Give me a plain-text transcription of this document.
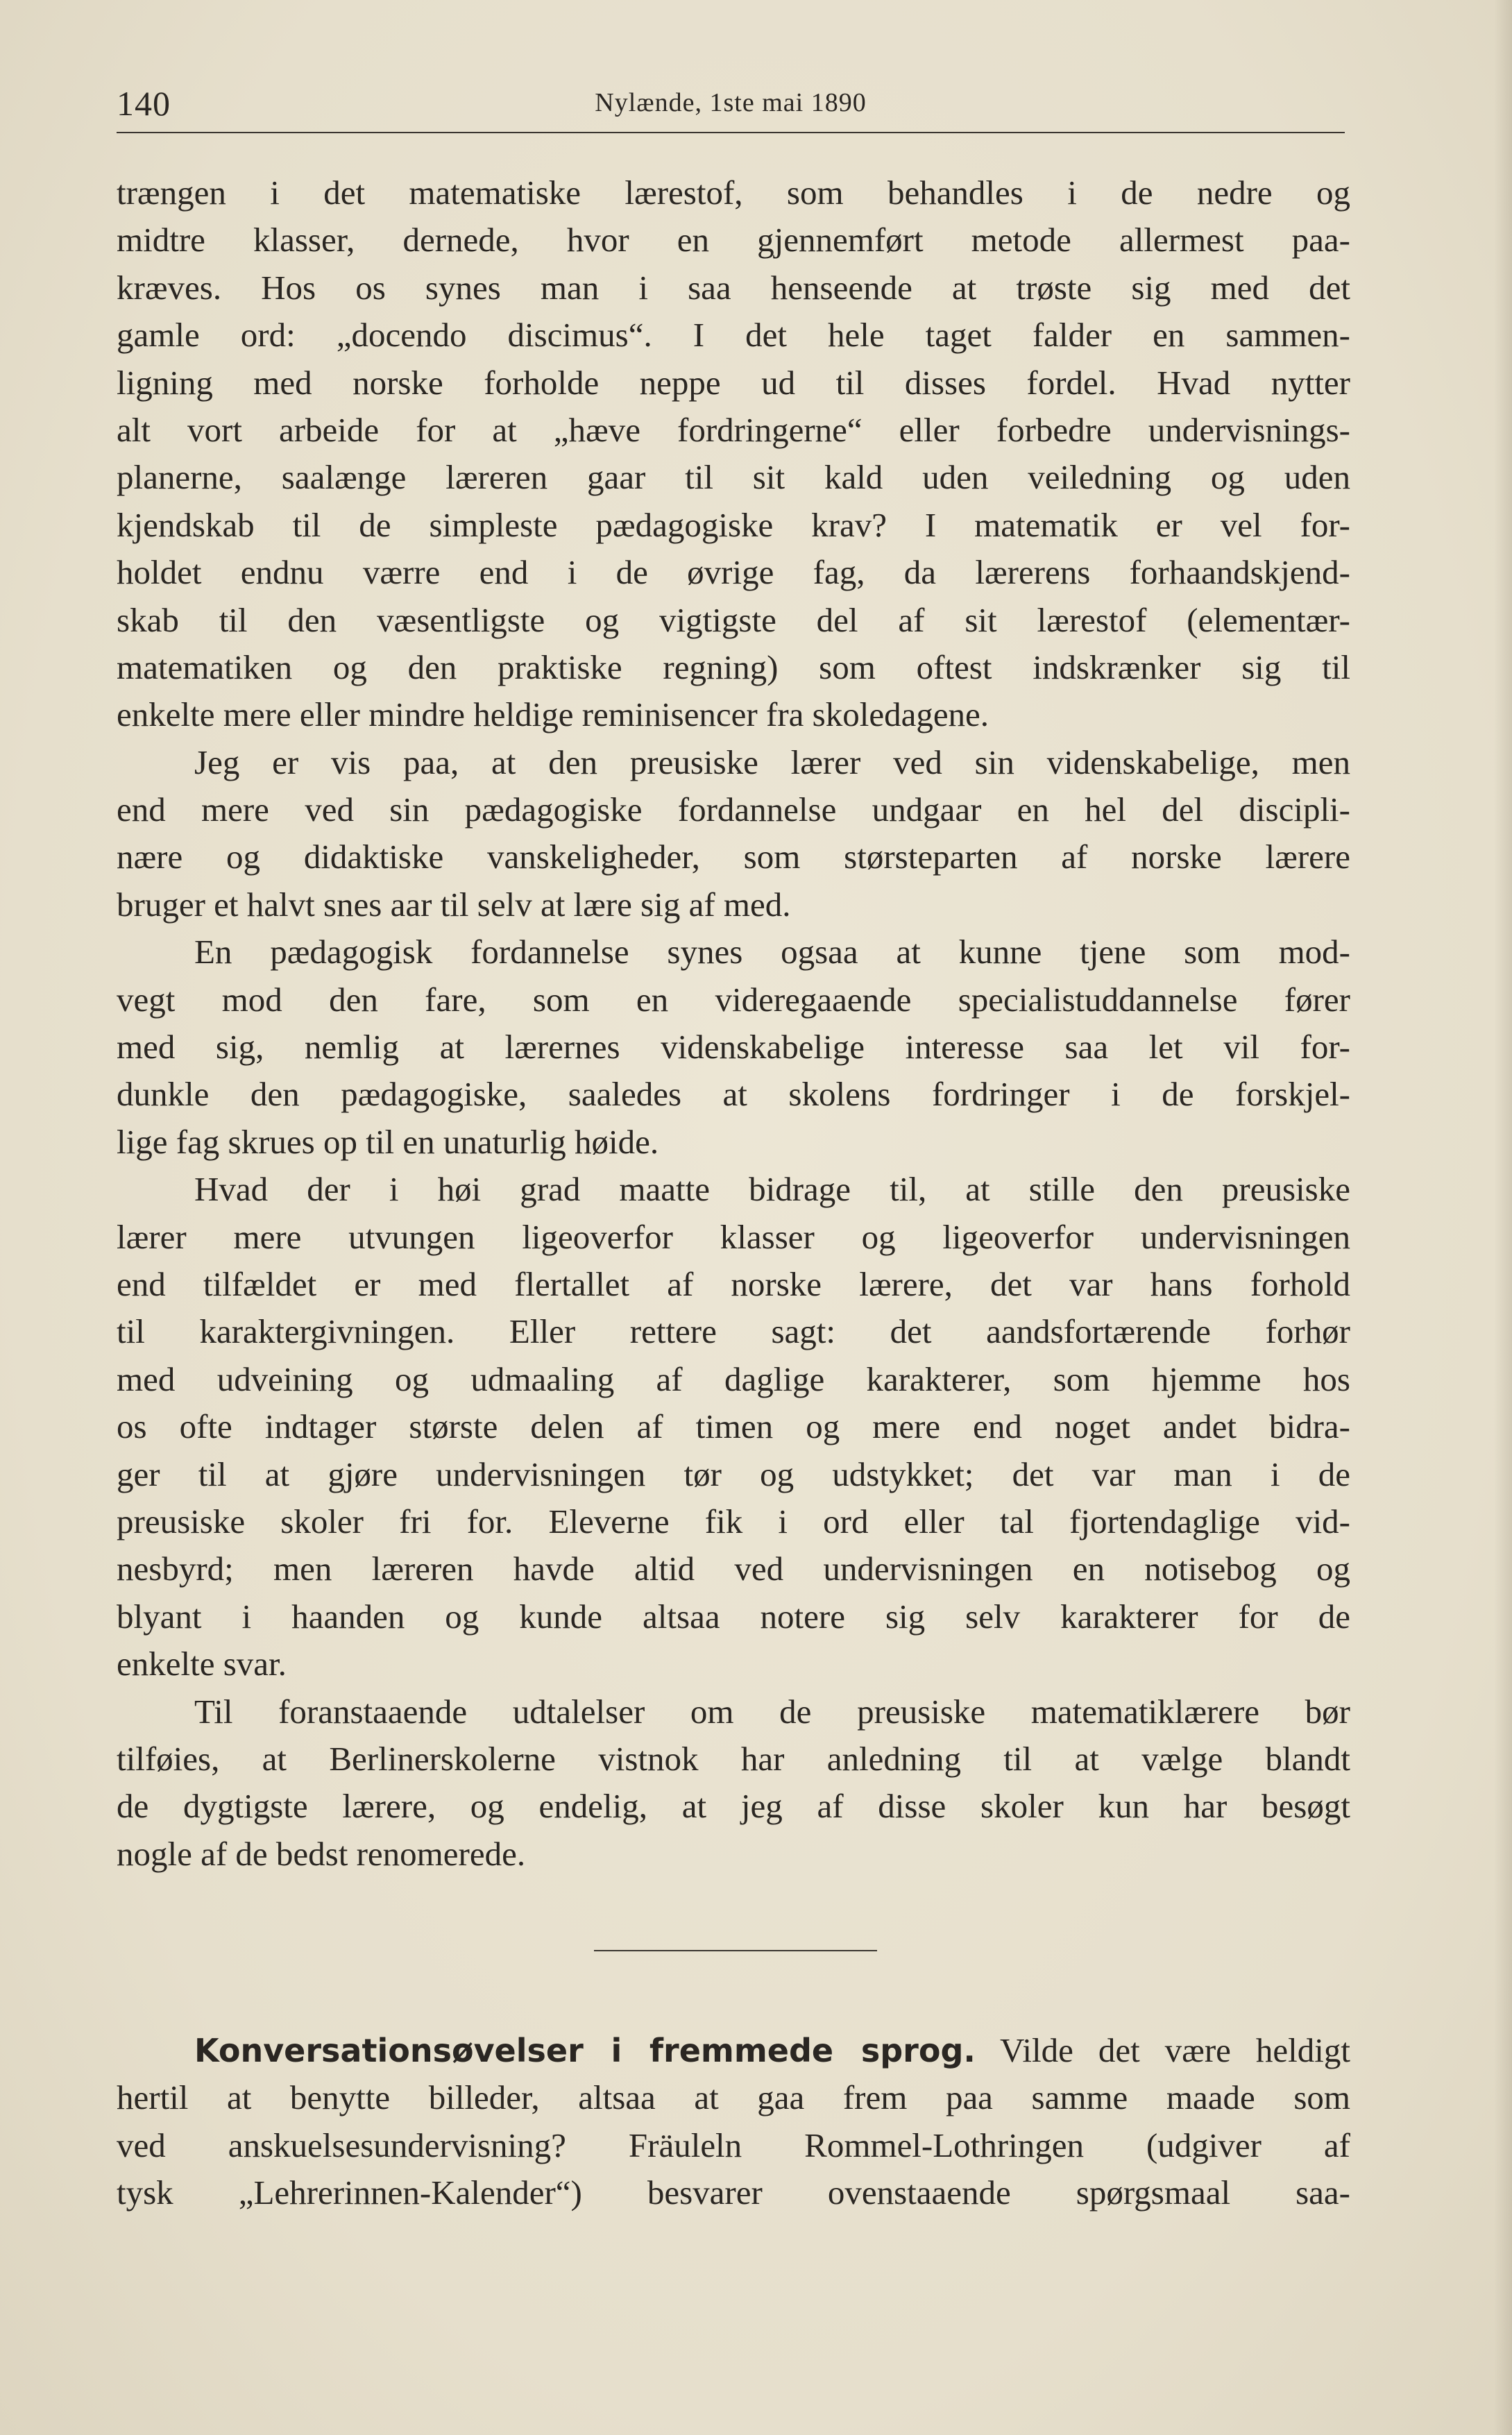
140	Nylænde, 1ste mai 1890
trængen i det matematiske lærestof, som behandles i de nedre og
midtre klasser, dernede, hvor en gjennemført metode allermest paa-
kræves. Hos os synes man i saa henseende at trøste sig med det
gamle ord: „docendo discimus“. I det hele taget falder en sammen-
ligning med norske forholde neppe ud til disses fordel. Hvad nytter
alt vort arbeide for at „hæve fordringerne“ eller forbedre undervisnings-
planerne, saalænge læreren gaar til sit kald uden veiledning og uden
kjendskab til de simpleste pædagogiske krav? I matematik er vel for-
holdet endnu værre end i de øvrige fag, da lærerens forhaandskjend-
skab til den væsentligste og vigtigste del af sit lærestof (elementær-
matematiken og den praktiske regning) som oftest indskrænker sig til
enkelte mere eller mindre heldige reminisencer fra skoledagene.
Jeg er vis paa, at den preusiske lærer ved sin videnskabelige, men
end mere ved sin pædagogiske fordannelse undgaar en hel del discipli-
nære og didaktiske vanskeligheder, som størsteparten af norske lærere
bruger et halvt snes aar til selv at lære sig af med.
En pædagogisk fordannelse synes ogsaa at kunne tjene som mod-
vegt mod den fare, som en videregaaende specialistuddannelse fører
med sig, nemlig at lærernes videnskabelige interesse saa let vil for-
dunkle den pædagogiske, saaledes at skolens fordringer i de forskjel-
lige fag skrues op til en unaturlig høide.
Hvad der i høi grad maatte bidrage til, at stille den preusiske
lærer mere utvungen ligeoverfor klasser og ligeoverfor undervisningen
end tilfældet er med flertallet af norske lærere, det var hans forhold
til karaktergivningen. Eller rettere sagt: det aandsfortærende forhør
med udveining og udmaaling af daglige karakterer, som hjemme hos
os ofte indtager største delen af timen og mere end noget andet bidra-
ger til at gjøre undervisningen tør og udstykket; det var man i de
preusiske skoler fri for. Eleverne fik i ord eller tal fjortendaglige vid-
nesbyrd; men læreren havde altid ved undervisningen en notisebog og
blyant i haanden og kunde altsaa notere sig selv karakterer for de
enkelte svar.
Til foranstaaende udtalelser om de preusiske matematiklærere bør
tilføies, at Berlinerskolerne vistnok har anledning til at vælge blandt
de dygtigste lærere, og endelig, at jeg af disse skoler kun har besøgt
nogle af de bedst renomerede.
Konversationsøvelser i fremmede sprog. Vilde det være heldigt
hertil at benytte billeder, altsaa at gaa frem paa samme maade som
ved anskuelsesundervisning? Fräuleln Rommel-Lothringen (udgiver af
tysk „Lehrerinnen-Kalender“) besvarer ovenstaaende spørgsmaal saa-
